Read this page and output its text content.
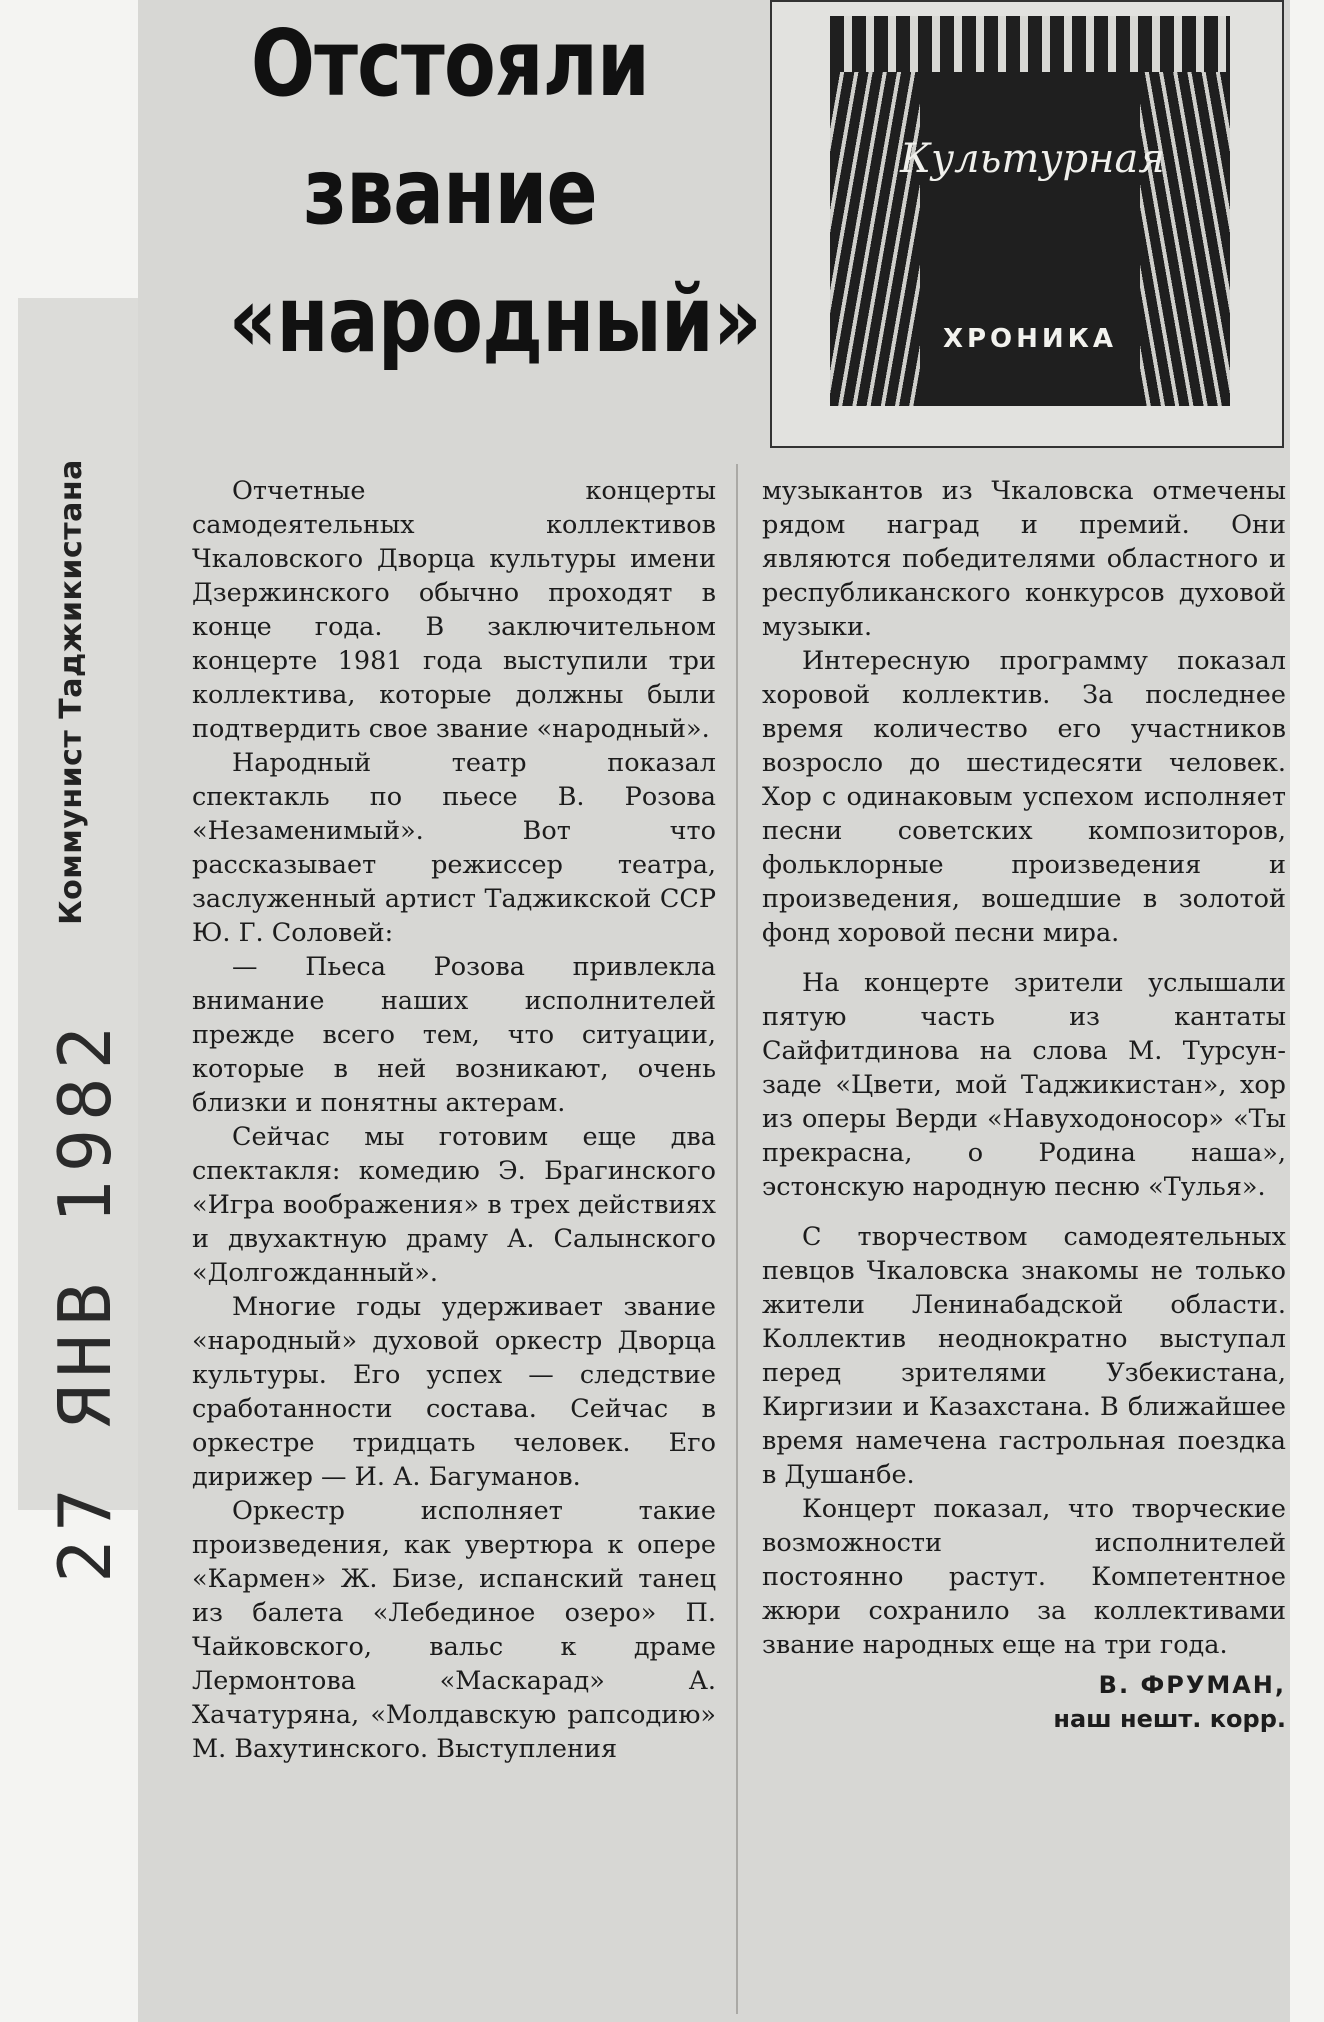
Коммунист Таджикистана
27 ЯНВ 1982
Отстояли
звание
«народный»
Культурная
ХРОНИКА

Отчетные концерты самодеятельных коллективов Чкаловского Дворца культуры имени Дзержинского обычно проходят в конце года. В заключительном концерте 1981 года выступили три коллектива, которые должны были подтвердить свое звание «народный».

Народный театр показал спектакль по пьесе В. Розова «Незаменимый». Вот что рассказывает режиссер театра, заслуженный артист Таджикской ССР Ю. Г. Соловей:

— Пьеса Розова привлекла внимание наших исполнителей прежде всего тем, что ситуации, которые в ней возникают, очень близки и понятны актерам.

Сейчас мы готовим еще два спектакля: комедию Э. Брагинского «Игра воображения» в трех действиях и двухактную драму А. Салынского «Долгожданный».

Многие годы удерживает звание «народный» духовой оркестр Дворца культуры. Его успех — следствие сработанности состава. Сейчас в оркестре тридцать человек. Его дирижер — И. А. Багуманов.

Оркестр исполняет такие произведения, как увертюра к опере «Кармен» Ж. Бизе, испанский танец из балета «Лебединое озеро» П. Чайковского, вальс к драме Лермонтова «Маскарад» А. Хачатуряна, «Молдавскую рапсодию» М. Вахутинского. Выступления

музыкантов из Чкаловска отмечены рядом наград и премий. Они являются победителями областного и республиканского конкурсов духовой музыки.

Интересную программу показал хоровой коллектив. За последнее время количество его участников возросло до шестидесяти человек. Хор с одинаковым успехом исполняет песни советских композиторов, фольклорные произведения и произведения, вошедшие в золотой фонд хоровой песни мира.

На концерте зрители услышали пятую часть из кантаты Сайфитдинова на слова М. Турсун-заде «Цвети, мой Таджикистан», хор из оперы Верди «Навуходоносор» «Ты прекрасна, о Родина наша», эстонскую народную песню «Тулья».

С творчеством самодеятельных певцов Чкаловска знакомы не только жители Ленинабадской области. Коллектив неоднократно выступал перед зрителями Узбекистана, Киргизии и Казахстана. В ближайшее время намечена гастрольная поездка в Душанбе.

Концерт показал, что творческие возможности исполнителей постоянно растут. Компетентное жюри сохранило за коллективами звание народных еще на три года.

В. ФРУМАН,
наш нешт. корр.
